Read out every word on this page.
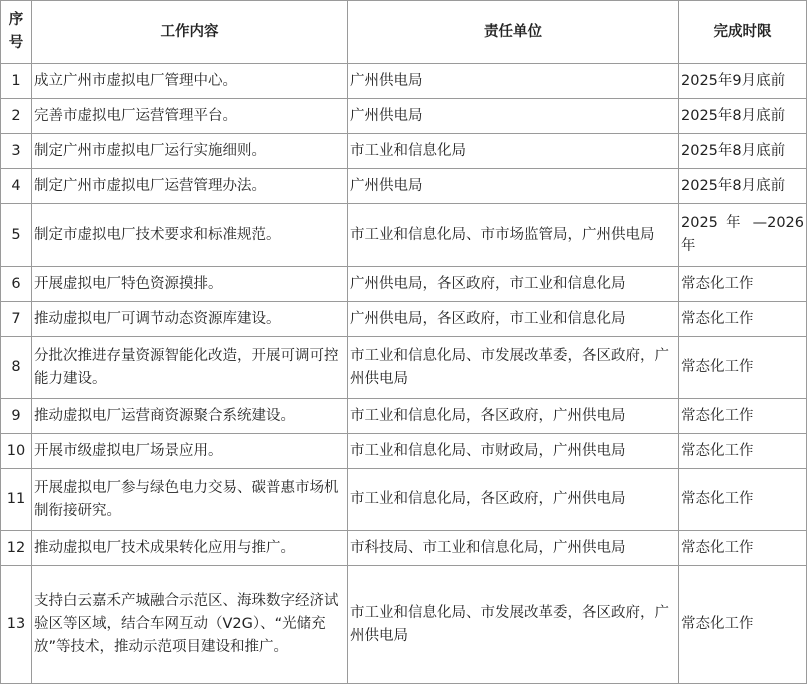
序号	工作内容	责任单位	完成时限
1	成立广州市虚拟电厂管理中心。	广州供电局	2025年9月底前
2	完善市虚拟电厂运营管理平台。	广州供电局	2025年8月底前
3	制定广州市虚拟电厂运行实施细则。	市工业和信息化局	2025年8月底前
4	制定广州市虚拟电厂运营管理办法。	广州供电局	2025年8月底前
5	制定市虚拟电厂技术要求和标准规范。	市工业和信息化局、市市场监管局，广州供电局	2025 年 —2026 年
6	开展虚拟电厂特色资源摸排。	广州供电局，各区政府，市工业和信息化局	常态化工作
7	推动虚拟电厂可调节动态资源库建设。	广州供电局，各区政府，市工业和信息化局	常态化工作
8	分批次推进存量资源智能化改造，开展可调可控能力建设。	市工业和信息化局、市发展改革委，各区政府，广州供电局	常态化工作
9	推动虚拟电厂运营商资源聚合系统建设。	市工业和信息化局，各区政府，广州供电局	常态化工作
10	开展市级虚拟电厂场景应用。	市工业和信息化局、市财政局，广州供电局	常态化工作
11	开展虚拟电厂参与绿色电力交易、碳普惠市场机制衔接研究。	市工业和信息化局，各区政府，广州供电局	常态化工作
12	推动虚拟电厂技术成果转化应用与推广。	市科技局、市工业和信息化局，广州供电局	常态化工作
13	支持白云嘉禾产城融合示范区、海珠数字经济试验区等区域，结合车网互动（V2G）、“光储充放”等技术，推动示范项目建设和推广。	市工业和信息化局、市发展改革委，各区政府，广州供电局	常态化工作
